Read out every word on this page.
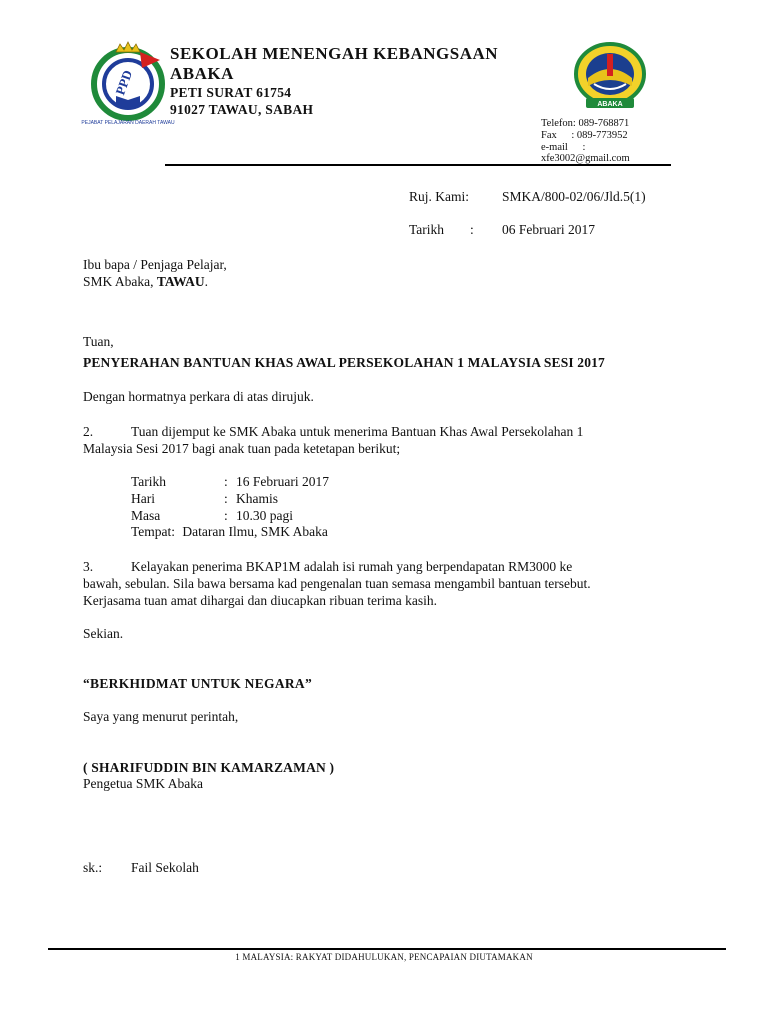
PPD
PEJABAT PELAJARAN DAERAH TAWAU
SEKOLAH MENENGAH KEBANGSAAN
ABAKA
PETI SURAT 61754
91027 TAWAU, SABAH	ABAKA
Telefon: 089-768871
Fax : 089-773952
e-mail :
xfe3002@gmail.com
Ruj. Kami: SMKA/800-02/06/Jld.5(1)
Tarikh : 06 Februari 2017
Ibu bapa / Penjaga Pelajar,
SMK Abaka, TAWAU.
Tuan,
PENYERAHAN BANTUAN KHAS AWAL PERSEKOLAHAN 1 MALAYSIA SESI 2017
Dengan hormatnya perkara di atas dirujuk.
2.	Tuan dijemput ke SMK Abaka untuk menerima Bantuan Khas Awal Persekolahan 1
Malaysia Sesi 2017 bagi anak tuan pada ketetapan berikut;
Tarikh	: 16 Februari 2017
Hari	: Khamis
Masa	: 10.30 pagi
Tempat: Dataran Ilmu, SMK Abaka
3.	Kelayakan penerima BKAP1M adalah isi rumah yang berpendapatan RM3000 ke
bawah, sebulan. Sila bawa bersama kad pengenalan tuan semasa mengambil bantuan tersebut.
Kerjasama tuan amat dihargai dan diucapkan ribuan terima kasih.
Sekian.
“BERKHIDMAT UNTUK NEGARA”
Saya yang menurut perintah,
( SHARIFUDDIN BIN KAMARZAMAN )
Pengetua SMK Abaka
sk.: Fail Sekolah
1 MALAYSIA: RAKYAT DIDAHULUKAN, PENCAPAIAN DIUTAMAKAN
